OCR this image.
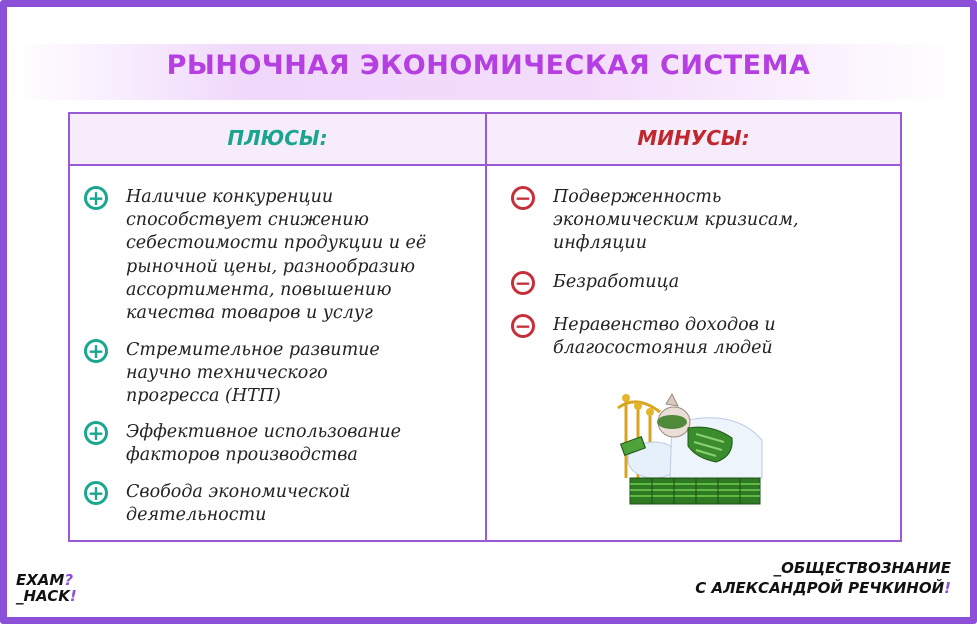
РЫНОЧНАЯ ЭКОНОМИЧЕСКАЯ СИСТЕМА
ПЛЮСЫ:	МИНУСЫ:
+ Наличие конкуренции
способствует снижению
себестоимости продукции и её
рыночной цены, разнообразию
ассортимента, повышению
качества товаров и услуг
+ Стремительное развитие
научно технического
прогресса (НТП)
+ Эффективное использование
факторов производства
+ Свобода экономической
деятельности
− Подверженность
экономическим кризисам,
инфляции
− Безработица
− Неравенство доходов и
благосостояния людей
EXAM?
_HACK!
_ОБЩЕСТВОЗНАНИЕ
С АЛЕКСАНДРОЙ РЕЧКИНОЙ!
